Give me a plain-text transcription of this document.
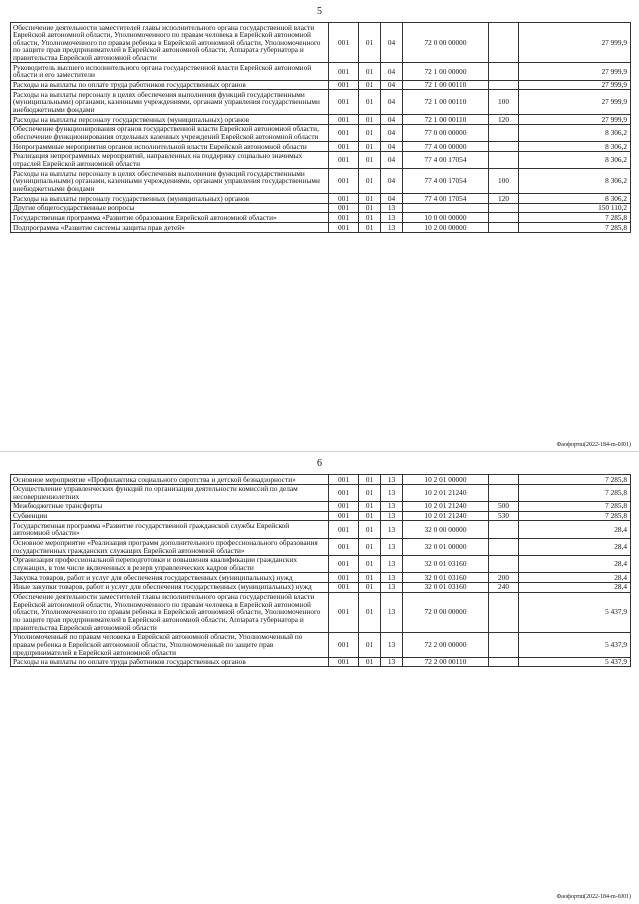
5
Обеспечение деятельности заместителей главы исполнительного органа государственной власти Еврейской автономной области, Уполномоченного по правам человека в Еврейской автономной области, Уполномоченного по правам ребенка в Еврейской автономной области, Уполномоченного по защите прав предпринимателей в Еврейской автономной области, Аппарата губернатора и правительства Еврейской автономной области	001	01	04	72 0 00 00000		27 999,9
Руководитель высшего исполнительного органа государственной власти Еврейской автономной области и его заместители	001	01	04	72 1 00 00000		27 999,9
Расходы на выплаты по оплате труда работников государственных органов	001	01	04	72 1 00 00110		27 999,9
Расходы на выплаты персоналу в целях обеспечения выполнения функций государственными (муниципальными) органами, казенными учреждениями, органами управления государственными внебюджетными фондами	001	01	04	72 1 00 00110	100	27 999,9
Расходы на выплаты персоналу государственных (муниципальных) органов	001	01	04	72 1 00 00110	120	27 999,9
Обеспечение функционирования органов государственной власти Еврейской автономной области, обеспечение функционирования отдельных казенных учреждений Еврейской автономной области	001	01	04	77 0 00 00000		8 306,2
Непрограммные мероприятия органов исполнительной власти Еврейской автономной области	001	01	04	77 4 00 00000		8 306,2
Реализация непрограммных мероприятий, направленных на поддержку социально значимых отраслей Еврейской автономной области	001	01	04	77 4 00 17054		8 306,2
Расходы на выплаты персоналу в целях обеспечения выполнения функций государственными (муниципальными) органами, казенными учреждениями, органами управления государственными внебюджетными фондами	001	01	04	77 4 00 17054	100	8 306,2
Расходы на выплаты персоналу государственных (муниципальных) органов	001	01	04	77 4 00 17054	120	8 306,2
Другие общегосударственные вопросы	001	01	13			150 110,2
Государственная программа «Развитие образования Еврейской автономной области»	001	01	13	10 0 00 00000		7 285,8
Подпрограмма «Развитие системы защиты прав детей»	001	01	13	10 2 00 00000		7 285,8
Фаофортш(2022-184-m-0J01)
6
Основное мероприятие «Профилактика социального сиротства и детской безнадзорности»	001	01	13	10 2 01 00000		7 285,8
Осуществление управленческих функций по организации деятельности комиссий по делам несовершеннолетних	001	01	13	10 2 01 21240		7 285,8
Межбюджетные трансферты	001	01	13	10 2 01 21240	500	7 285,8
Субвенции	001	01	13	10 2 01 21240	530	7 285,8
Государственная программа «Развитие государственной гражданской службы Еврейской автономной области»	001	01	13	32 0 00 00000		28,4
Основное мероприятие «Реализация программ дополнительного профессионального образования государственных гражданских служащих Еврейской автономной области»	001	01	13	32 0 01 00000		28,4
Организация профессиональной переподготовки и повышения квалификации гражданских служащих, в том числе включенных в резерв управленческих кадров области	001	01	13	32 0 01 03160		28,4
Закупка товаров, работ и услуг для обеспечения государственных (муниципальных) нужд	001	01	13	32 0 01 03160	200	28,4
Иные закупки товаров, работ и услуг для обеспечения государственных (муниципальных) нужд	001	01	13	32 0 01 03160	240	28,4
Обеспечение деятельности заместителей главы исполнительного органа государственной власти Еврейской автономной области, Уполномоченного по правам человека в Еврейской автономной области, Уполномоченного по правам ребенка в Еврейской автономной области, Уполномоченного по защите прав предпринимателей в Еврейской автономной области, Аппарата губернатора и правительства Еврейской автономной области	001	01	13	72 0 00 00000		5 437,9
Уполномоченный по правам человека в Еврейской автономной области, Уполномоченный по правам ребенка в Еврейской автономной области, Уполномоченный по защите прав предпринимателей в Еврейской автономной области	001	01	13	72 2 00 00000		5 437,9
Расходы на выплаты по оплате труда работников государственных органов	001	01	13	72 2 00 00110		5 437,9
Фаофортш(2022-184-m-0J01)
